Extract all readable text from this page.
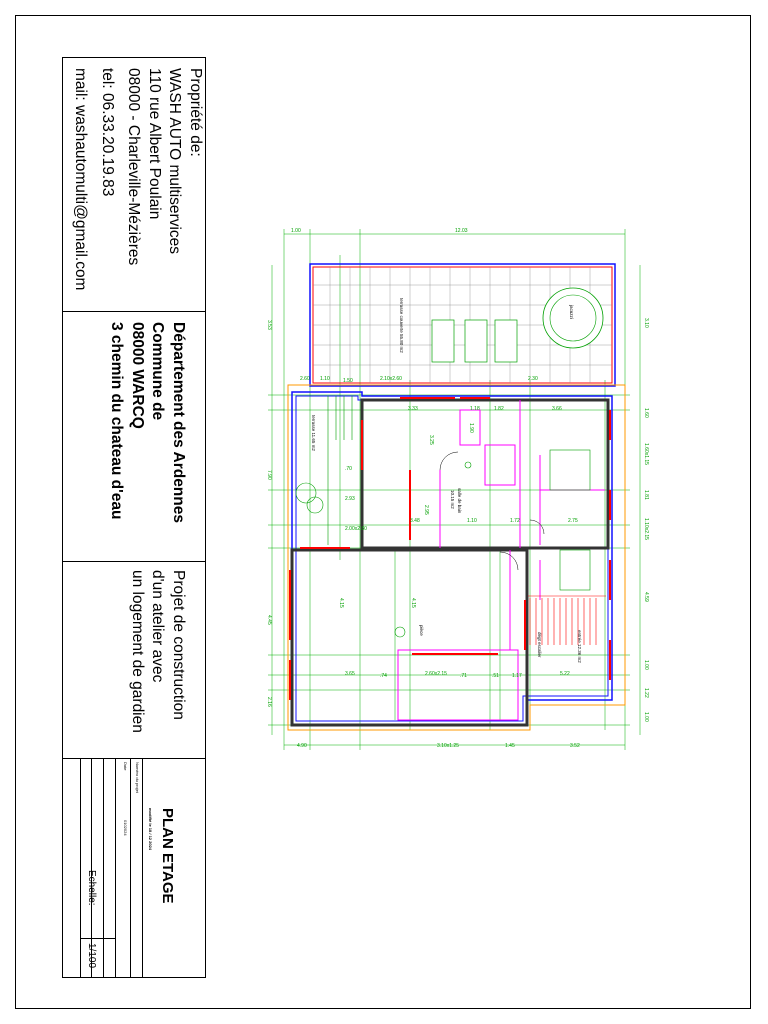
Propriété de:
WASH AUTO multiservices
110 rue Albert Poulain
08000 - Charleville-Mézières
tel: 06.33.20.19.83
mail: washautomulti@gmail.com
Département des Ardennes
Commune de
08000 WARCQ
3 chemin du chateau d'eau
Projet de construction
d'un atelier avec
un logement de gardien
PLAN ETAGE
modifié le 18 / 12 2024
Numéro du projet
0102024
Date
Echelle:
1/100
terrasse couverte 55.80 m2	jacuzzi
terrasse 11.65 m2
salle de bain
10.15 m2
entrée 12.36 m2
pièce
dégt escalier
1.00	12.03
4.90	3.10x1.25	1.45	3.52
3.53
7.90
4.45
2.16
3.10
1.60
1.60x1.15
1.81
1.10x2.15
4.59
1.00
1.22
1.00
3.33	1.18	1.82	3.66
3.25
1.90
2.95
3.48	1.10	1.72	2.75
4.15	4.15
3.65	2.60x2.15	5.22
2.93
2.00x2.80
1.50
1.10	2.10x2.60	2.30
2.60
.70
.74	.71	.51	1.17
